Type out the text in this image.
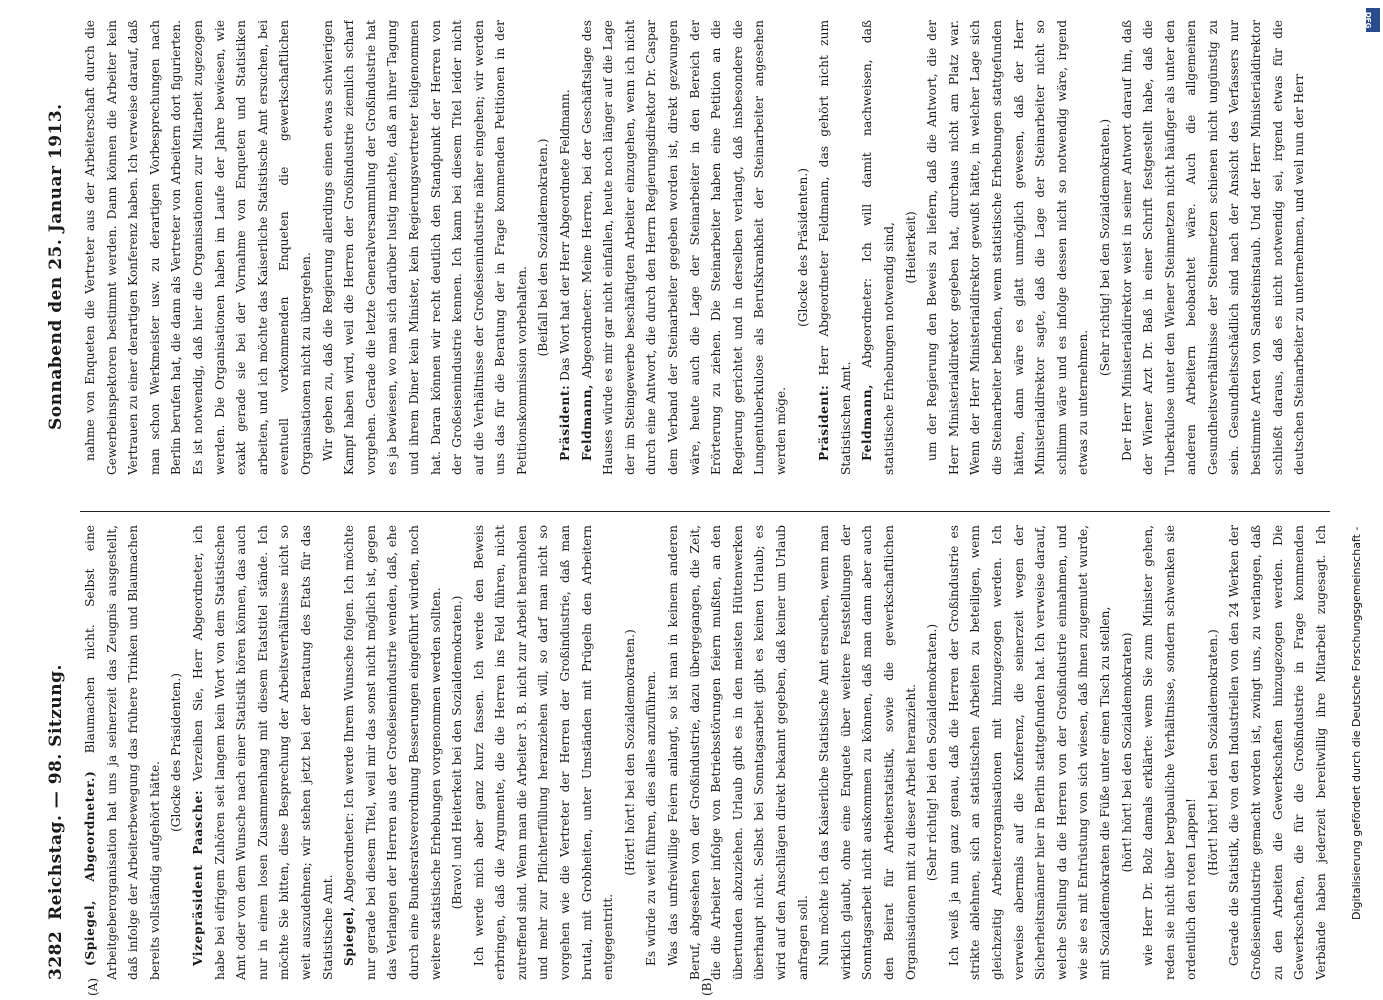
3282
Reichstag. — 98. Sitzung.
Sonnabend den 25. Januar 1913.

(Spiegel, Abgeordneter.) Blaumachen nicht. Selbst eine Arbeitgeberorganisation hat uns ja seinerzeit das Zeugnis ausgestellt, daß infolge der Arbeiterbewegung das frühere Trinken und Blaumachen bereits vollständig aufgehört hätte.

(Glocke des Präsidenten.)

Vizepräsident Paasche: Verzeihen Sie, Herr Abgeordneter, ich habe bei eifrigem Zuhören seit langem kein Wort von dem Statistischen Amt oder von dem Wunsche nach einer Statistik hören können, das auch nur in einem losen Zusammenhang mit diesem Etatstitel stände. Ich möchte Sie bitten, diese Besprechung der Arbeitsverhältnisse nicht so weit auszudehnen; wir stehen jetzt bei der Beratung des Etats für das Statistische Amt. Spiegel, Abgeordneter: Ich werde Ihrem Wunsche folgen. Ich möchte nur gerade bei diesem Titel, weil mir das sonst nicht möglich ist, gegen das Verlangen der Herren aus der Großeisenindustrie wenden, daß, ehe durch eine Bundesratsverordnung Besserungen eingeführt würden, noch weitere statistische Erhebungen vorgenommen werden sollten. (Bravo! und Heiterkeit bei den Sozialdemokraten.) Ich werde mich aber ganz kurz fassen. Ich werde den Beweis erbringen, daß die Argumente, die die Herren ins Feld führen, nicht zutreffend sind. Wenn man die Arbeiter 3. B. nicht zur Arbeit heranholen und mehr zur Pflichterfüllung heranziehen will, so darf man nicht so vorgehen wie die Vertreter der Herren der Großindustrie, daß man brutal, mit Grobheiten, unter Umständen mit Prügeln den Arbeitern entgegentritt.

(Hört! hört! bei den Sozialdemokraten.) Es würde zu weit führen, dies alles anzuführen. Was das unfreiwillige Feiern anlangt, so ist man in keinem anderen Beruf, abgesehen von der Großindustrie, dazu übergegangen, die Zeit, die die Arbeiter infolge von Betriebsstörungen feiern mußten, an den übertunden abzuziehen. Urlaub gibt es in den meisten Hüttenwerken überhaupt nicht. Selbst bei Sonntagsarbeit gibt es keinen Urlaub; es wird auf den Anschlägen direkt bekannt gegeben, daß keiner um Urlaub anfragen soll. Nun möchte ich das Kaiserliche Statistische Amt ersuchen, wenn man wirklich glaubt, ohne eine Enquete über weitere Feststellungen der Sonntagsarbeit nicht auskommen zu können, daß man dann aber auch den Beirat für Arbeiterstatistik, sowie die gewerkschaftlichen Organisationen mit zu dieser Arbeit heranzieht. (Sehr richtig! bei den Sozialdemokraten.) Ich weiß ja nun ganz genau, daß die Herren der Großindustrie es strikte ablehnen, sich an statistischen Arbeiten zu beteiligen, wenn gleichzeitig Arbeiterorganisationen mit hinzugezogen werden. Ich verweise abermals auf die Konferenz, die seinerzeit wegen der Sicherheitsmänner hier in Berlin stattgefunden hat. Ich verweise darauf, welche Stellung da die Herren von der Großindustrie einnahmen, und wie sie es mit Entrüstung von sich wiesen, daß ihnen zugemutet wurde, mit Sozialdemokraten die Füße unter einen Tisch zu stellen, (hört! hört! bei den Sozialdemokraten) wie Herr Dr. Bolz damals erklärte: wenn Sie zum Minister gehen, reden sie nicht über bergbauliche Verhältnisse, sondern schwenken sie ordentlich den roten Lappen!

(Hört! hört! bei den Sozialdemokraten.)

Gerade die Statistik, die von den Industriellen von den 24 Werken der Großeisenindustrie gemacht worden ist, zwingt uns, zu verlangen, daß zu den Arbeiten die Gewerkschaften hinzugezogen werden. Die Gewerkschaften, die für die Großindustrie in Frage kommenden Verbände haben jederzeit bereitwillig ihre Mitarbeit zugesagt. Ich

nahme von Enqueten die Vertreter aus der Arbeiterschaft durch die Gewerbeinspektoren bestimmt werden. Dann können die Arbeiter kein Vertrauen zu einer derartigen Konferenz haben. Ich verweise darauf, daß man schon Werkmeister usw. zu derartigen Vorbesprechungen nach Berlin berufen hat, die dann als Vertreter von Arbeitern dort figurierten. Es ist notwendig, daß hier die Organisationen zur Mitarbeit zugezogen werden. Die Organisationen haben im Laufe der Jahre bewiesen, wie exakt gerade sie bei der Vornahme von Enqueten und Statistiken arbeiten, und ich möchte das Kaiserliche Statistische Amt ersuchen, bei eventuell vorkommenden Enqueten die gewerkschaftlichen Organisationen nicht zu übergehen. Wir geben zu, daß die Regierung allerdings einen etwas schwierigen Kampf haben wird, weil die Herren der Großindustrie ziemlich scharf vorgehen. Gerade die letzte Generalversammlung der Großindustrie hat es ja bewiesen, wo man sich darüber lustig machte, daß an ihrer Tagung und ihrem Diner kein Minister, kein Regierungsvertreter teilgenommen hat. Daran können wir recht deutlich den Standpunkt der Herren von der Großeisenindustrie kennen. Ich kann bei diesem Titel leider nicht auf die Verhältnisse der Großeisenindustrie näher eingehen; wir werden uns das für die Beratung der in Frage kommenden Petitionen in der Petitionskommission vorbehalten.

(Beifall bei den Sozialdemokraten.)

Präsident: Das Wort hat der Herr Abgeordnete Feldmann.

Feldmann, Abgeordneter: Meine Herren, bei der Geschäftslage des Hauses würde es mir gar nicht einfallen, heute noch länger auf die Lage der im Steingewerbe beschäftigten Arbeiter einzugehen, wenn ich nicht durch eine Antwort, die durch den Herrn Regierungsdirektor Dr. Caspar dem Verband der Steinarbeiter gegeben worden ist, direkt gezwungen wäre, heute auch die Lage der Steinarbeiter in den Bereich der Erörterung zu ziehen. Die Steinarbeiter haben eine Petition an die Regierung gerichtet und in derselben verlangt, daß insbesondere die Lungentuberkulose als Berufskrankheit der Steinarbeiter angesehen werden möge.

(Glocke des Präsidenten.)

Präsident: Herr Abgeordneter Feldmann, das gehört nicht zum Statistischen Amt. Feldmann, Abgeordneter: Ich will damit nachweisen, daß statistische Erhebungen notwendig sind, (Heiterkeit) um der Regierung den Beweis zu liefern, daß die Antwort, die der Herr Ministerialdirektor gegeben hat, durchaus nicht am Platz war. Wenn der Herr Ministerialdirektor gewußt hätte, in welcher Lage sich die Steinarbeiter befinden, wenn statistische Erhebungen stattgefunden hätten, dann wäre es glatt unmöglich gewesen, daß der Herr Ministerialdirektor sagte, daß die Lage der Steinarbeiter nicht so schlimm wäre und es infolge dessen nicht so notwendig wäre, irgend etwas zu unternehmen.

(Sehr richtig! bei den Sozialdemokraten.) Der Herr Ministerialdirektor weist in seiner Antwort darauf hin, daß der Wiener Arzt Dr. Baß in einer Schrift festgestellt habe, daß die Tuberkulose unter den Wiener Steinmetzen nicht häufiger als unter den anderen Arbeitern beobachtet wäre. Auch die allgemeinen Gesundheitsverhältnisse der Steinmetzen schienen nicht ungünstig zu sein. Gesundheitsschädlich sind nach der Ansicht des Verfassers nur bestimmte Arten von Sandsteinstaub. Und der Herr Ministerialdirektor schließt daraus, daß es nicht notwendig sei, irgend etwas für die deutschen Steinarbeiter zu unternehmen, und weil nun der Herr

(A)	(B)
Digitalisierung gefördert durch die Deutsche Forschungsgemeinschaft -
DFG
